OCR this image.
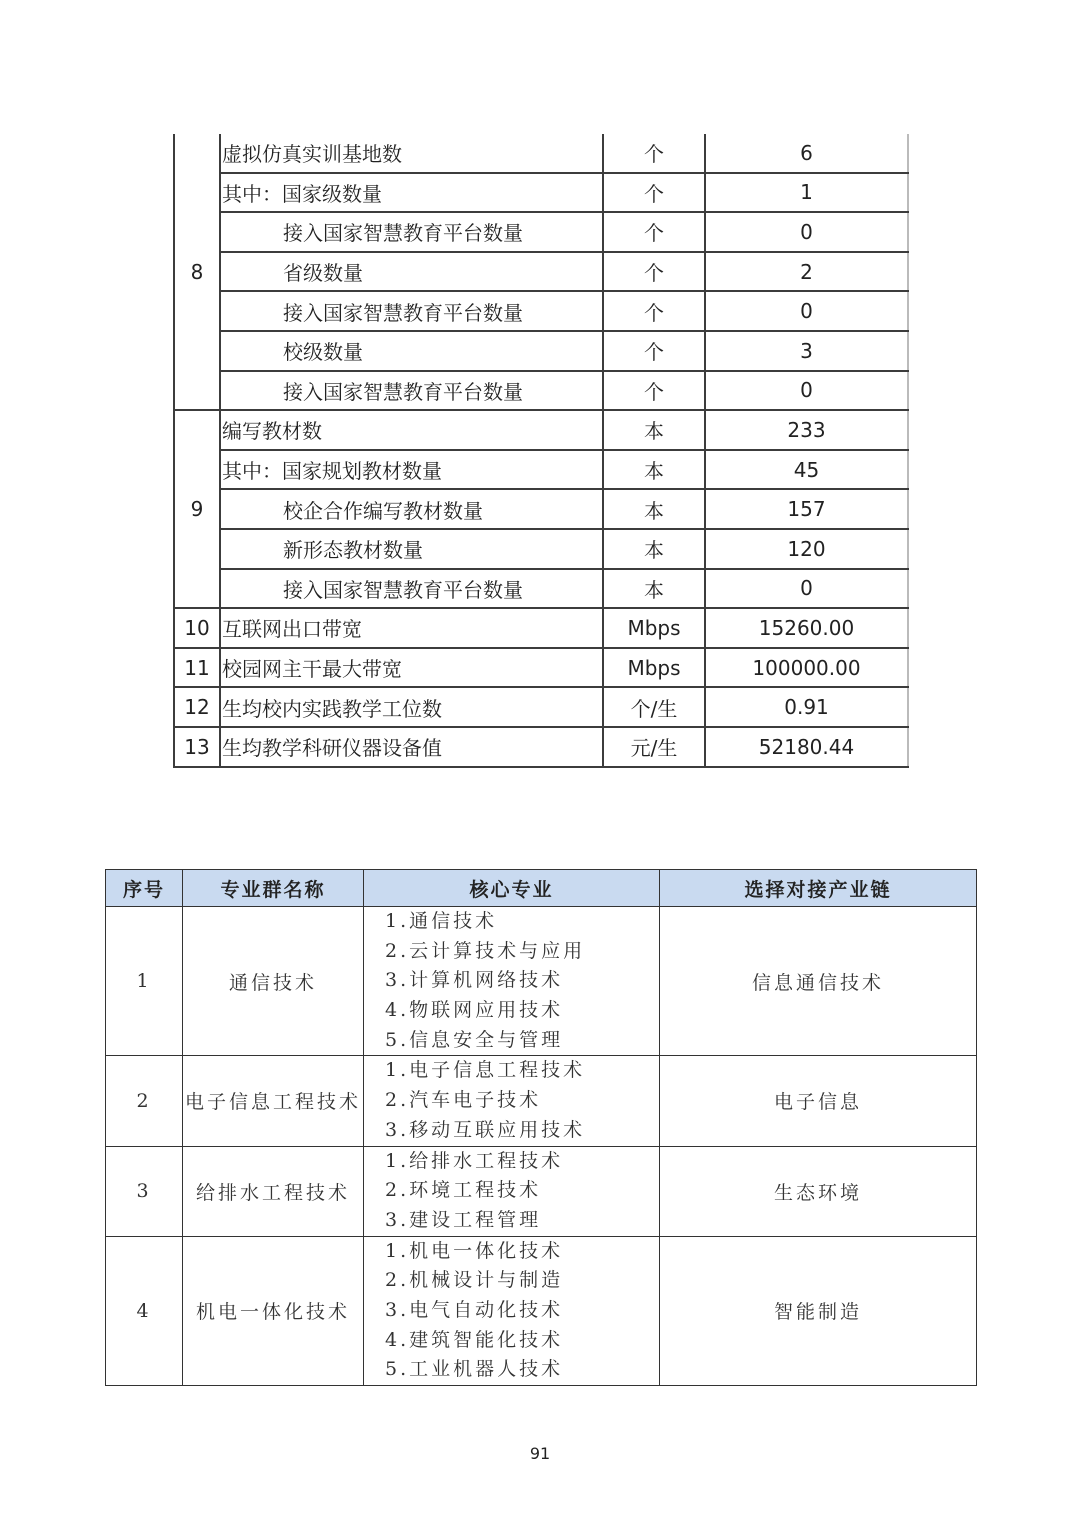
8	虚拟仿真实训基地数	个	6
	其中：国家级数量	个	1
	接入国家智慧教育平台数量	个	0
	省级数量	个	2
	接入国家智慧教育平台数量	个	0
	校级数量	个	3
	接入国家智慧教育平台数量	个	0
9	编写教材数	本	233
	其中：国家规划教材数量	本	45
	校企合作编写教材数量	本	157
	新形态教材数量	本	120
	接入国家智慧教育平台数量	本	0
10	互联网出口带宽	Mbps	15260.00
11	校园网主干最大带宽	Mbps	100000.00
12	生均校内实践教学工位数	个/生	0.91
13	生均教学科研仪器设备值	元/生	52180.44
序号	专业群名称	核心专业	选择对接产业链
1	通信技术	1.通信技术
2.云计算技术与应用
3.计算机网络技术
4.物联网应用技术
5.信息安全与管理	信息通信技术
2	电子信息工程技术	1.电子信息工程技术
2.汽车电子技术
3.移动互联应用技术	电子信息
3	给排水工程技术	1.给排水工程技术
2.环境工程技术
3.建设工程管理	生态环境
4	机电一体化技术	1.机电一体化技术
2.机械设计与制造
3.电气自动化技术
4.建筑智能化技术
5.工业机器人技术	智能制造
91
